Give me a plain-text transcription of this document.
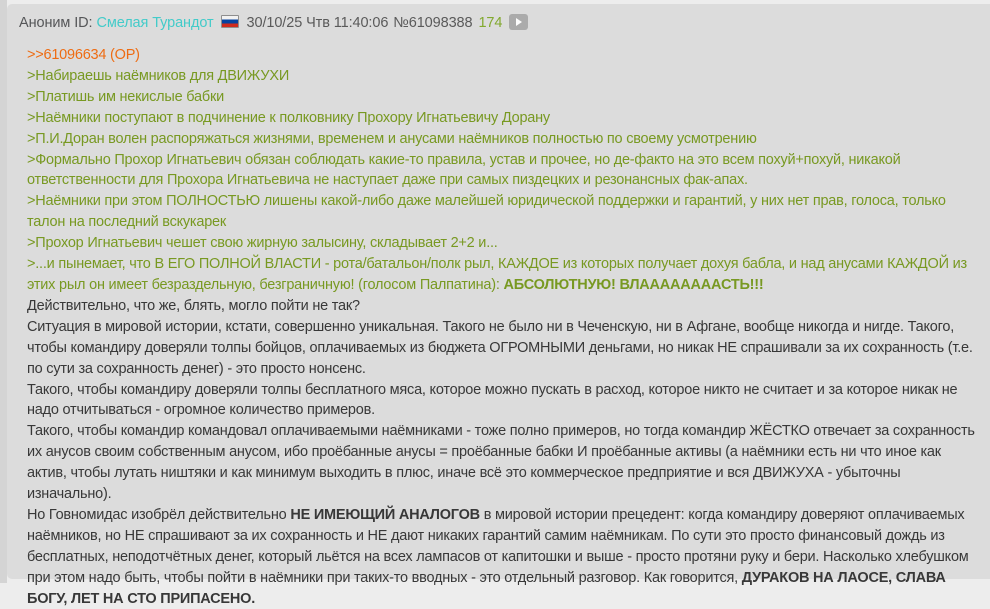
Аноним ID: Смелая Турандот 30/10/25 Чтв 11:40:06 №61098388 174
>>61096634 (OP)
>Набираешь наёмников для ДВИЖУХИ
>Платишь им некислые бабки
>Наёмники поступают в подчинение к полковнику Прохору Игнатьевичу Дорану
>П.И.Доран волен распоряжаться жизнями, временем и анусами наёмников полностью по своему усмотрению
>Формально Прохор Игнатьевич обязан соблюдать какие-то правила, устав и прочее, но де-факто на это всем похуй+похуй, никакой ответственности для Прохора Игнатьевича не наступает даже при самых пиздецких и резонансных фак-апах.
>Наёмники при этом ПОЛНОСТЬЮ лишены какой-либо даже малейшей юридической поддержки и гарантий, у них нет прав, голоса, только талон на последний вскукарек
>Прохор Игнатьевич чешет свою жирную залысину, складывает 2+2 и...
>...и пынемает, что В ЕГО ПОЛНОЙ ВЛАСТИ - рота/батальон/полк рыл, КАЖДОЕ из которых получает дохуя бабла, и над анусами КАЖДОЙ из этих рыл он имеет безраздельную, безграничную! (голосом Палпатина): АБСОЛЮТНУЮ! ВЛААААААААСТЬ!!!
Действительно, что же, блять, могло пойти не так?
Ситуация в мировой истории, кстати, совершенно уникальная. Такого не было ни в Чеченскую, ни в Афгане, вообще никогда и нигде. Такого, чтобы командиру доверяли толпы бойцов, оплачиваемых из бюджета ОГРОМНЫМИ деньгами, но никак НЕ спрашивали за их сохранность (т.е. по сути за сохранность денег) - это просто нонсенс.
Такого, чтобы командиру доверяли толпы бесплатного мяса, которое можно пускать в расход, которое никто не считает и за которое никак не надо отчитываться - огромное количество примеров.
Такого, чтобы командир командовал оплачиваемыми наёмниками - тоже полно примеров, но тогда командир ЖЁСТКО отвечает за сохранность их анусов своим собственным анусом, ибо проёбанные анусы = проёбанные бабки И проёбанные активы (а наёмники есть ни что иное как актив, чтобы лутать ништяки и как минимум выходить в плюс, иначе всё это коммерческое предприятие и вся ДВИЖУХА - убыточны изначально).
Но Говномидас изобрёл действительно НЕ ИМЕЮЩИЙ АНАЛОГОВ в мировой истории прецедент: когда командиру доверяют оплачиваемых наёмников, но НЕ спрашивают за их сохранность и НЕ дают никаких гарантий самим наёмникам. По сути это просто финансовый дождь из бесплатных, неподотчётных денег, который льётся на всех лампасов от капитошки и выше - просто протяни руку и бери. Насколько хлебушком при этом надо быть, чтобы пойти в наёмники при таких-то вводных - это отдельный разговор. Как говорится, ДУРАКОВ НА ЛАОСЕ, СЛАВА БОГУ, ЛЕТ НА СТО ПРИПАСЕНО.
